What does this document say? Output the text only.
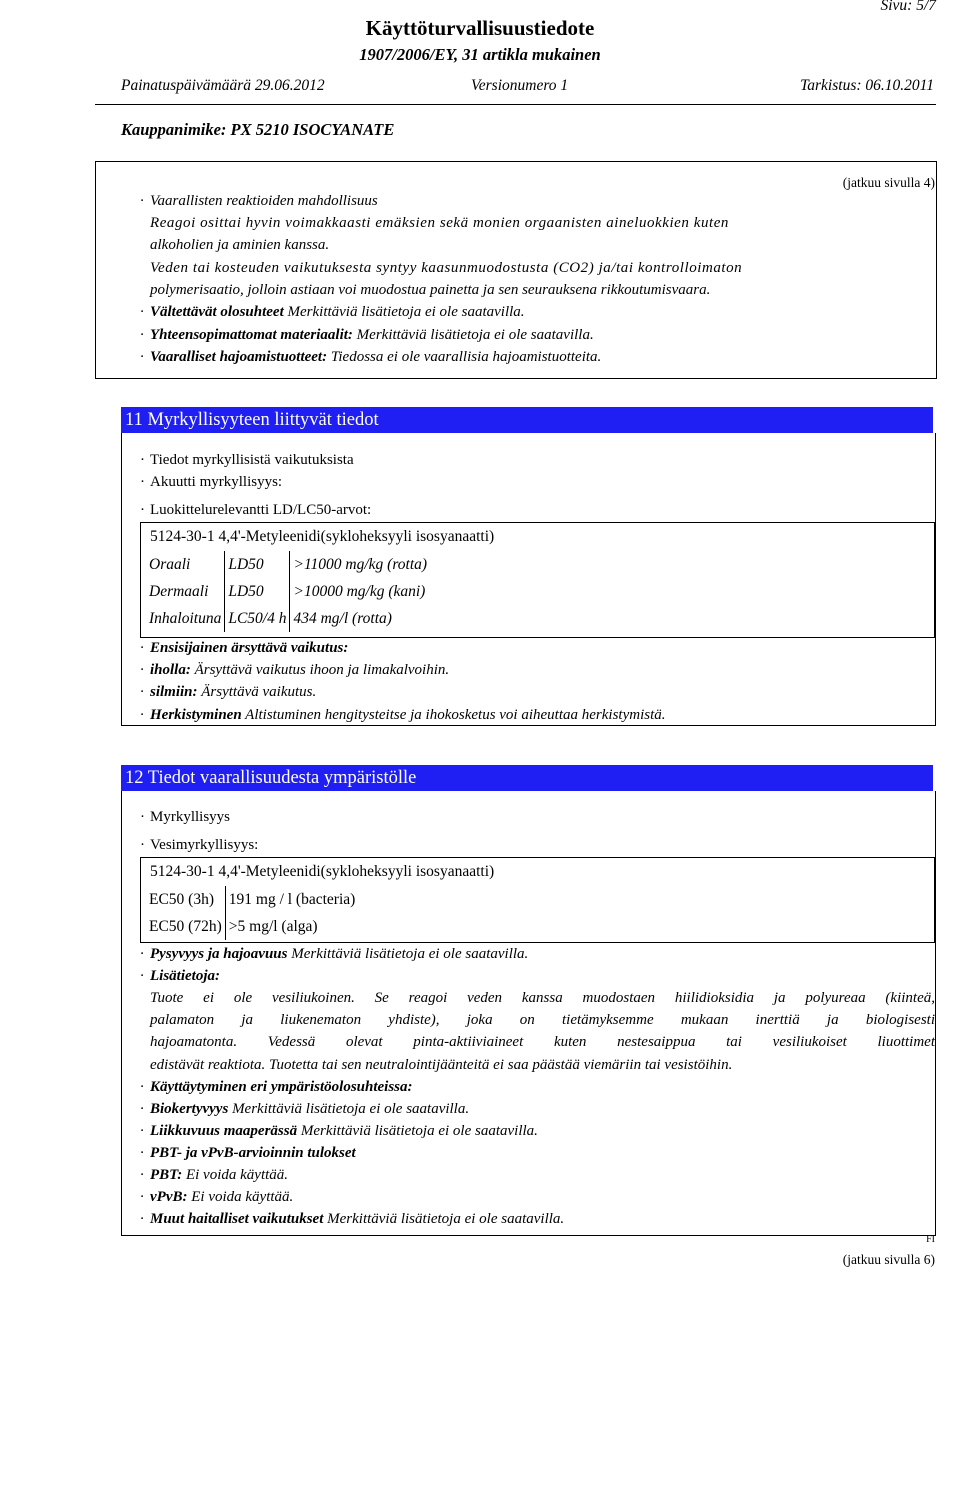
Sivu: 5/7
Käyttöturvallisuustiedote
1907/2006/EY, 31 artikla mukainen
Painatuspäivämäärä 29.06.2012	Versionumero 1	Tarkistus: 06.10.2011
Kauppanimike: PX 5210 ISOCYANATE
(jatkuu sivulla 4)
· Vaarallisten reaktioiden mahdollisuus
Reagoi osittai hyvin voimakkaasti emäksien sekä monien orgaanisten aineluokkien kuten
alkoholien ja aminien kanssa.
Veden tai kosteuden vaikutuksesta syntyy kaasunmuodostusta (CO2) ja/tai kontrolloimaton
polymerisaatio, jolloin astiaan voi muodostua painetta ja sen seurauksena rikkoutumisvaara.
· Vältettävät olosuhteet Merkittäviä lisätietoja ei ole saatavilla.
· Yhteensopimattomat materiaalit: Merkittäviä lisätietoja ei ole saatavilla.
· Vaaralliset hajoamistuotteet: Tiedossa ei ole vaarallisia hajoamistuotteita.
11 Myrkyllisyyteen liittyvät tiedot
· Tiedot myrkyllisistä vaikutuksista
· Akuutti myrkyllisyys:
· Luokittelurelevantti LD/LC50-arvot:
5124-30-1 4,4'-Metyleenidi(sykloheksyyli isosyanaatti)
Oraali	LD50	>11000 mg/kg (rotta)
Dermaali	LD50	>10000 mg/kg (kani)
Inhaloituna	LC50/4 h	434 mg/l (rotta)
· Ensisijainen ärsyttävä vaikutus:
· iholla: Ärsyttävä vaikutus ihoon ja limakalvoihin.
· silmiin: Ärsyttävä vaikutus.
· Herkistyminen Altistuminen hengitysteitse ja ihokosketus voi aiheuttaa herkistymistä.
12 Tiedot vaarallisuudesta ympäristölle
· Myrkyllisyys
· Vesimyrkyllisyys:
5124-30-1 4,4'-Metyleenidi(sykloheksyyli isosyanaatti)
EC50 (3h)	191 mg / l (bacteria)
EC50 (72h)	>5 mg/l (alga)
· Pysyvyys ja hajoavuus Merkittäviä lisätietoja ei ole saatavilla.
· Lisätietoja:
Tuote ei ole vesiliukoinen. Se reagoi veden kanssa muodostaen hiilidioksidia ja polyureaa (kiinteä,
palamaton ja liukenematon yhdiste), joka on tietämyksemme mukaan inerttiä ja biologisesti
hajoamatonta. Vedessä olevat pinta-aktiiviaineet kuten nestesaippua tai vesiliukoiset liuottimet
edistävät reaktiota. Tuotetta tai sen neutralointijäänteitä ei saa päästää viemäriin tai vesistöihin.
· Käyttäytyminen eri ympäristöolosuhteissa:
· Biokertyvyys Merkittäviä lisätietoja ei ole saatavilla.
· Liikkuvuus maaperässä Merkittäviä lisätietoja ei ole saatavilla.
· PBT- ja vPvB-arvioinnin tulokset
· PBT: Ei voida käyttää.
· vPvB: Ei voida käyttää.
· Muut haitalliset vaikutukset Merkittäviä lisätietoja ei ole saatavilla.
FI
(jatkuu sivulla 6)
